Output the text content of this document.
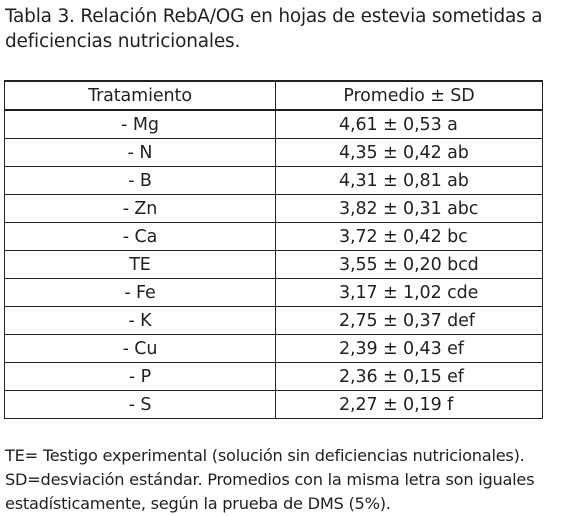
Tabla 3. Relación RebA/OG en hojas de estevia sometidas a
deficiencias nutricionales.

Tratamiento	Promedio ± SD
- Mg	4,61 ± 0,53 a
- N	4,35 ± 0,42 ab
- B	4,31 ± 0,81 ab
- Zn	3,82 ± 0,31 abc
- Ca	3,72 ± 0,42 bc
TE	3,55 ± 0,20 bcd
- Fe	3,17 ± 1,02 cde
- K	2,75 ± 0,37 def
- Cu	2,39 ± 0,43 ef
- P	2,36 ± 0,15 ef
- S	2,27 ± 0,19 f

TE= Testigo experimental (solución sin deficiencias nutricionales).
SD=desviación estándar. Promedios con la misma letra son iguales
estadísticamente, según la prueba de DMS (5%).
